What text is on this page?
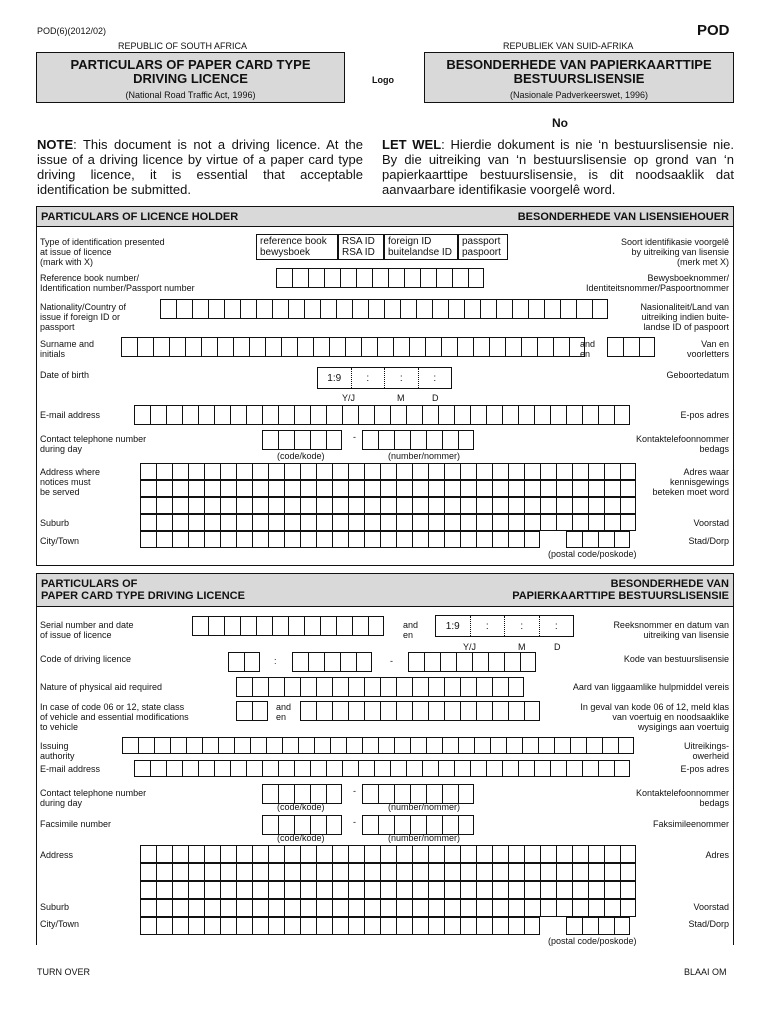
POD(6)(2012/02)	POD
REPUBLIC OF SOUTH AFRICA	REPUBLIEK VAN SUID-AFRIKA
PARTICULARS OF PAPER CARD TYPE
DRIVING LICENCE
(National Road Traffic Act, 1996)
Logo
BESONDERHEDE VAN PAPIERKAARTTIPE
BESTUURSLISENSIE
(Nasionale Padverkeerswet, 1996)
No
NOTE: This document is not a driving licence. At the issue of a driving licence by virtue of a paper card type driving licence, it is essential that acceptable identification be submitted.
LET WEL: Hierdie dokument is nie ‘n bestuurslisensie nie. By die uitreiking van ‘n bestuurslisensie op grond van ‘n papierkaarttipe bestuurslisensie, is dit noodsaaklik dat aanvaarbare identifikasie voorgelê word.
PARTICULARS OF LICENCE HOLDER	BESONDERHEDE VAN LISENSIEHOUER
Type of identification presented
at issue of licence
(mark with X)
reference book
bewysboek
RSA ID
RSA ID
foreign ID
buitelandse ID
passport
paspoort
Soort identifikasie voorgelê
by uitreiking van lisensie
(merk met X)
Reference book number/
Identification number/Passport number
Bewysboeknommer/
Identiteitsnommer/Paspoortnommer
Nationality/Country of
issue if foreign ID or
passport
Nasionaliteit/Land van
uitreiking indien buite-
landse ID of paspoort
Surname and
initials
and
en
Van en
voorletters
Date of birth	1:9	:	:	:
Y/J	M	D
Geboortedatum
E-mail address	E-pos adres
Contact telephone number
during day
-
(code/kode)	(number/nommer)
Kontaktelefoonnommer
bedags
Address where
notices must
be served
Adres waar
kennisgewings
beteken moet word
Suburb	Voorstad
City/Town
(postal code/poskode)
Stad/Dorp
PARTICULARS OF
PAPER CARD TYPE DRIVING LICENCE
BESONDERHEDE VAN
PAPIERKAARTTIPE BESTUURSLISENSIE
Serial number and date
of issue of licence
and
en
1:9	:	:	:
Y/J	M	D
Reeksnommer en datum van
uitreiking van lisensie
Code of driving licence	:	-	Kode van bestuurslisensie
Nature of physical aid required	Aard van liggaamlike hulpmiddel vereis
In case of code 06 or 12, state class
of vehicle and essential modifications
to vehicle
and
en
In geval van kode 06 of 12, meld klas
van voertuig en noodsaaklike
wysigings aan voertuig
Issuing
authority
Uitreikings-
owerheid
E-mail address	E-pos adres
Contact telephone number
during day
-
(code/kode)	(number/nommer)
Kontaktelefoonnommer
bedags
Facsimile number	-
(code/kode)	(number/nommer)
Faksimileenommer
Address	Adres
Suburb	Voorstad
City/Town
(postal code/poskode)
Stad/Dorp
TURN OVER	BLAAI OM
